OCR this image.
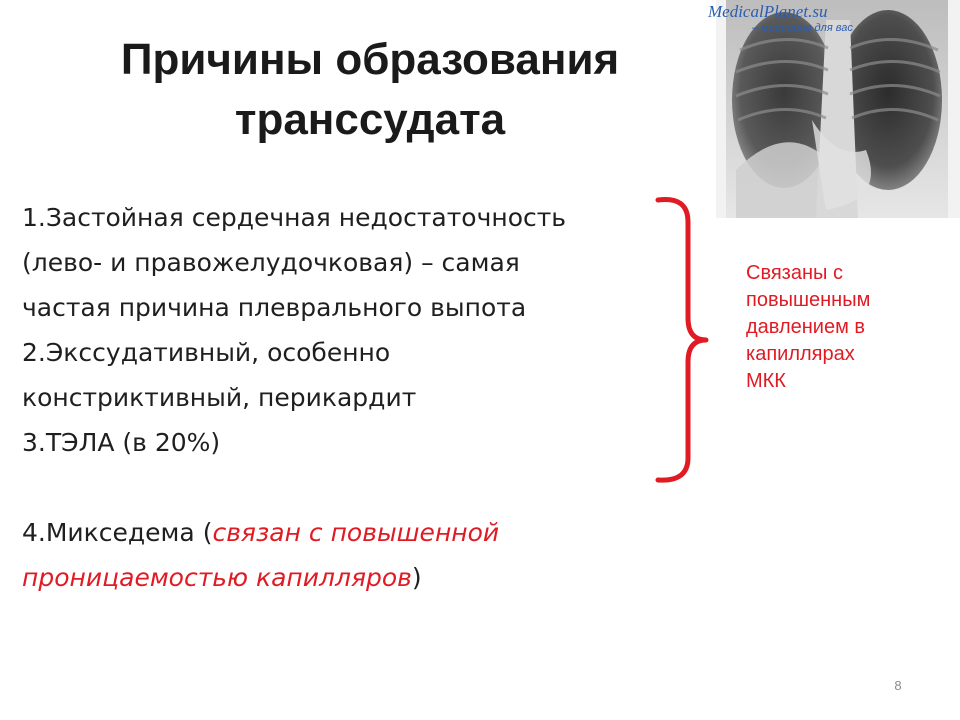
Причины образования
транссудата
1.Застойная сердечная недостаточность
(лево- и правожелудочковая) – самая
частая причина плеврального выпота
2.Экссудативный, особенно
констриктивный, перикардит
3.ТЭЛА (в 20%)
4.Микседема (связан с повышенной
проницаемостью капилляров)
Связаны с
повышенным
давлением в
капиллярах
МКК
MedicalPlanet.su
– медицина для вас
8
